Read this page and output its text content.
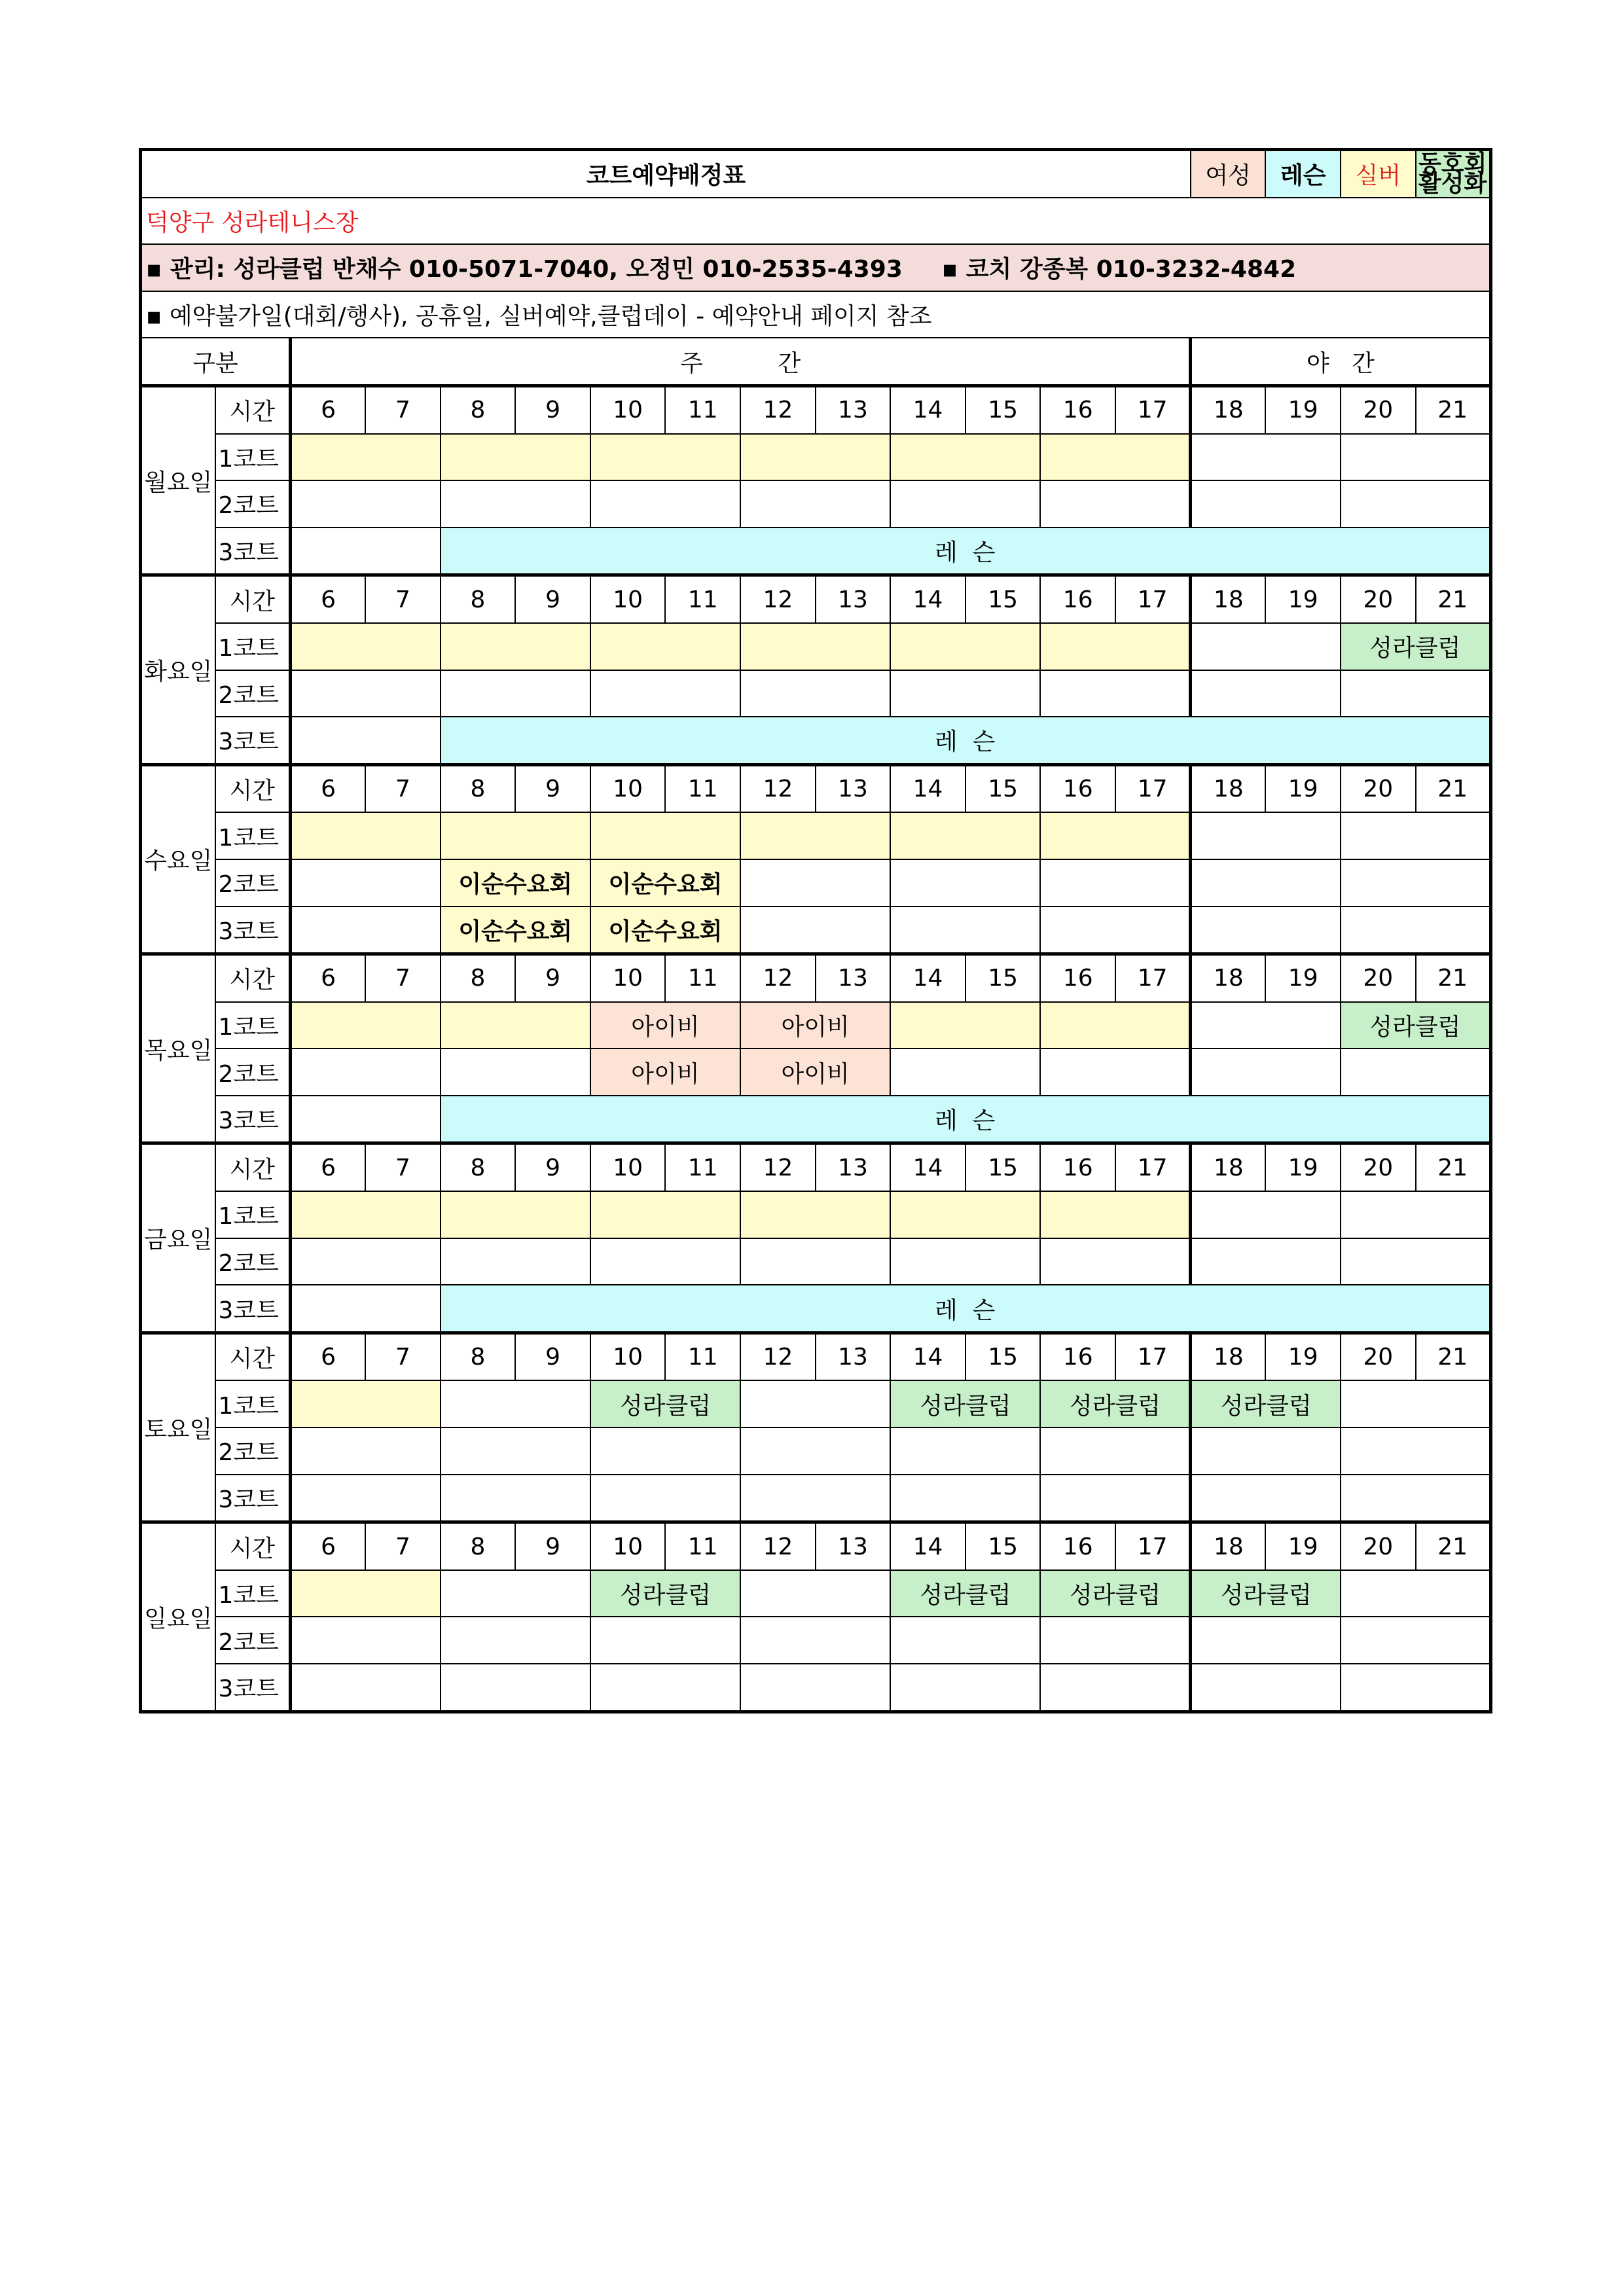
코트예약배정표														여성	레슨	실버	동호회
활성화
덕양구 성라테니스장																	
▪ 관리: 성라클럽 반채수 010-5071-7040, 오정민 010-2535-4393 ▪ 코치 강종복 010-3232-4842																	
▪ 예약불가일(대회/행사), 공휴일, 실버예약,클럽데이 - 예약안내 페이지 참조																	
구분		주          간												야   간			
월요일	시간	6	7	8	9	10	11	12	13	14	15	16	17	18	19	20	21
	1코트																
	2코트																
	3코트			레  슨													
화요일	시간	6	7	8	9	10	11	12	13	14	15	16	17	18	19	20	21
	1코트															성라클럽	
	2코트																
	3코트			레  슨													
수요일	시간	6	7	8	9	10	11	12	13	14	15	16	17	18	19	20	21
	1코트																
	2코트			이순수요회		이순수요회											
	3코트			이순수요회		이순수요회											
목요일	시간	6	7	8	9	10	11	12	13	14	15	16	17	18	19	20	21
	1코트					아이비		아이비								성라클럽	
	2코트					아이비		아이비									
	3코트			레  슨													
금요일	시간	6	7	8	9	10	11	12	13	14	15	16	17	18	19	20	21
	1코트																
	2코트																
	3코트			레  슨													
토요일	시간	6	7	8	9	10	11	12	13	14	15	16	17	18	19	20	21
	1코트					성라클럽				성라클럽		성라클럽		성라클럽			
	2코트																
	3코트																
일요일	시간	6	7	8	9	10	11	12	13	14	15	16	17	18	19	20	21
	1코트					성라클럽				성라클럽		성라클럽		성라클럽			
	2코트																
	3코트																
